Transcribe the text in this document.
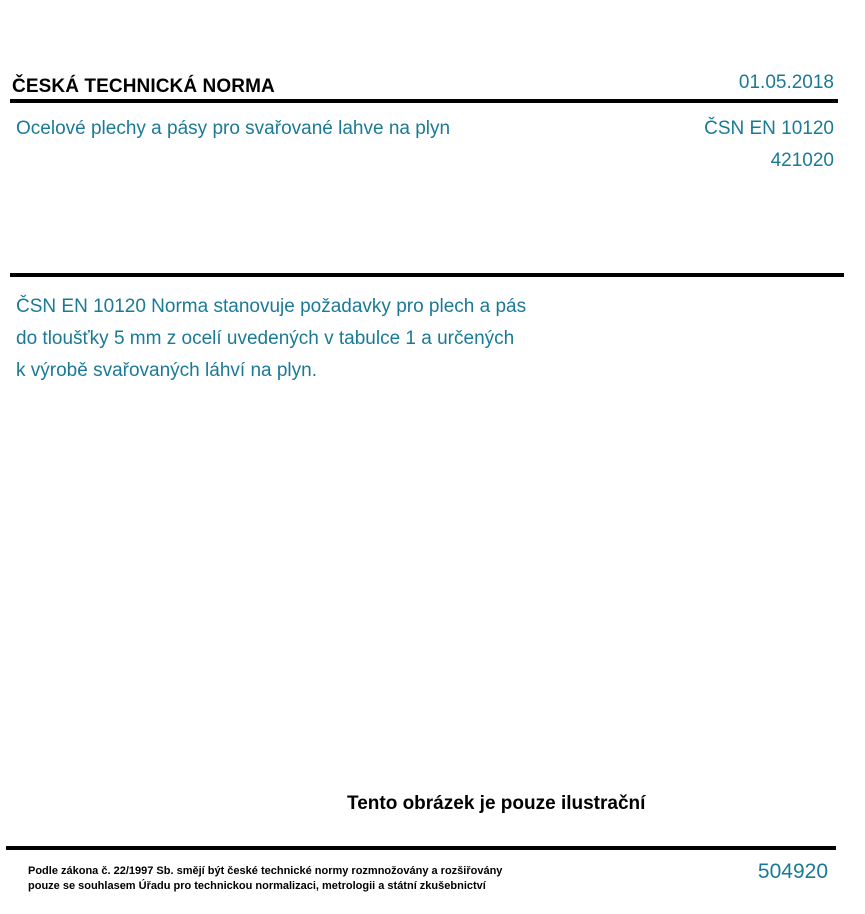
ČESKÁ TECHNICKÁ NORMA	01.05.2018
Ocelové plechy a pásy pro svařované lahve na plyn	ČSN EN 10120
421020
ČSN EN 10120 Norma stanovuje požadavky pro plech a pás
do tloušťky 5 mm z ocelí uvedených v tabulce 1 a určených
k výrobě svařovaných láhví na plyn.
Tento obrázek je pouze ilustrační
Podle zákona č. 22/1997 Sb. smějí být české technické normy rozmnožovány a rozšiřovány
pouze se souhlasem Úřadu pro technickou normalizaci, metrologii a státní zkušebnictví
504920
